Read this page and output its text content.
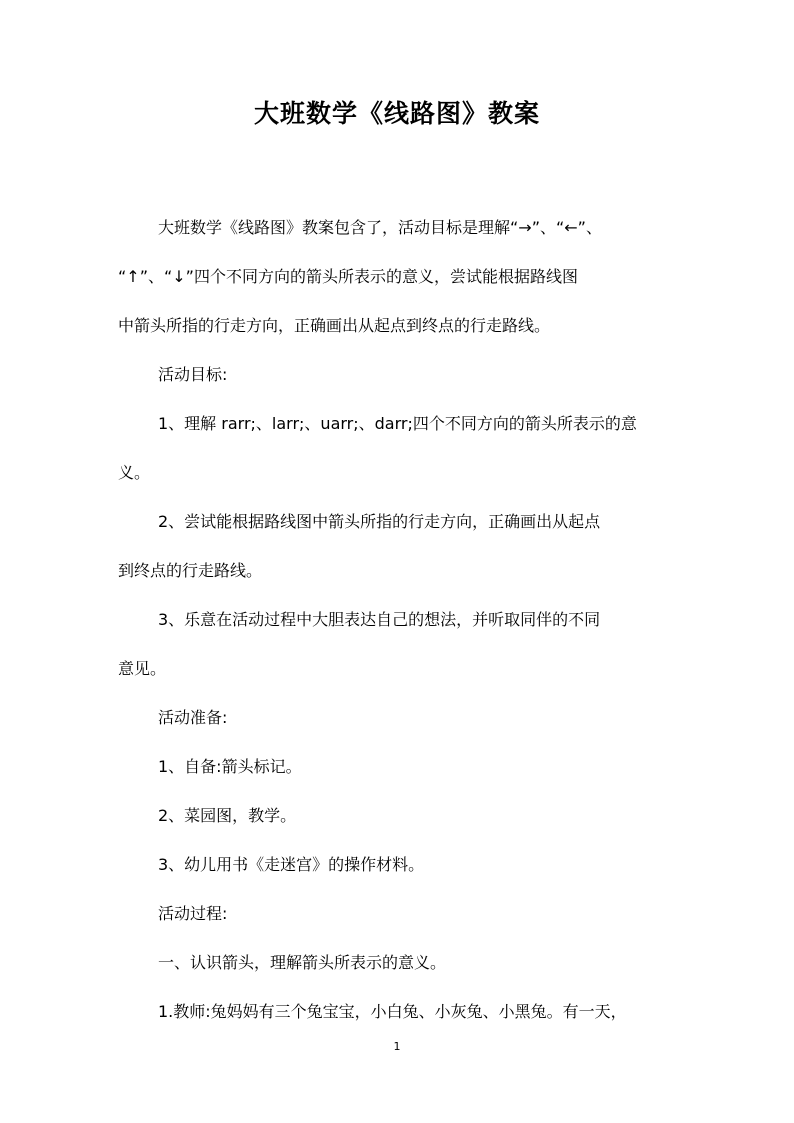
大班数学《线路图》教案
大班数学《线路图》教案包含了，活动目标是理解“→”、“←”、
“↑”、“↓”四个不同方向的箭头所表示的意义，尝试能根据路线图
中箭头所指的行走方向，正确画出从起点到终点的行走路线。
活动目标:
1、理解 rarr;、larr;、uarr;、darr;四个不同方向的箭头所表示的意
义。
2、尝试能根据路线图中箭头所指的行走方向，正确画出从起点
到终点的行走路线。
3、乐意在活动过程中大胆表达自己的想法，并听取同伴的不同
意见。
活动准备:
1、自备:箭头标记。
2、菜园图，教学。
3、幼儿用书《走迷宫》的操作材料。
活动过程:
一、认识箭头，理解箭头所表示的意义。
1.教师:兔妈妈有三个兔宝宝，小白兔、小灰兔、小黑兔。有一天，
1
